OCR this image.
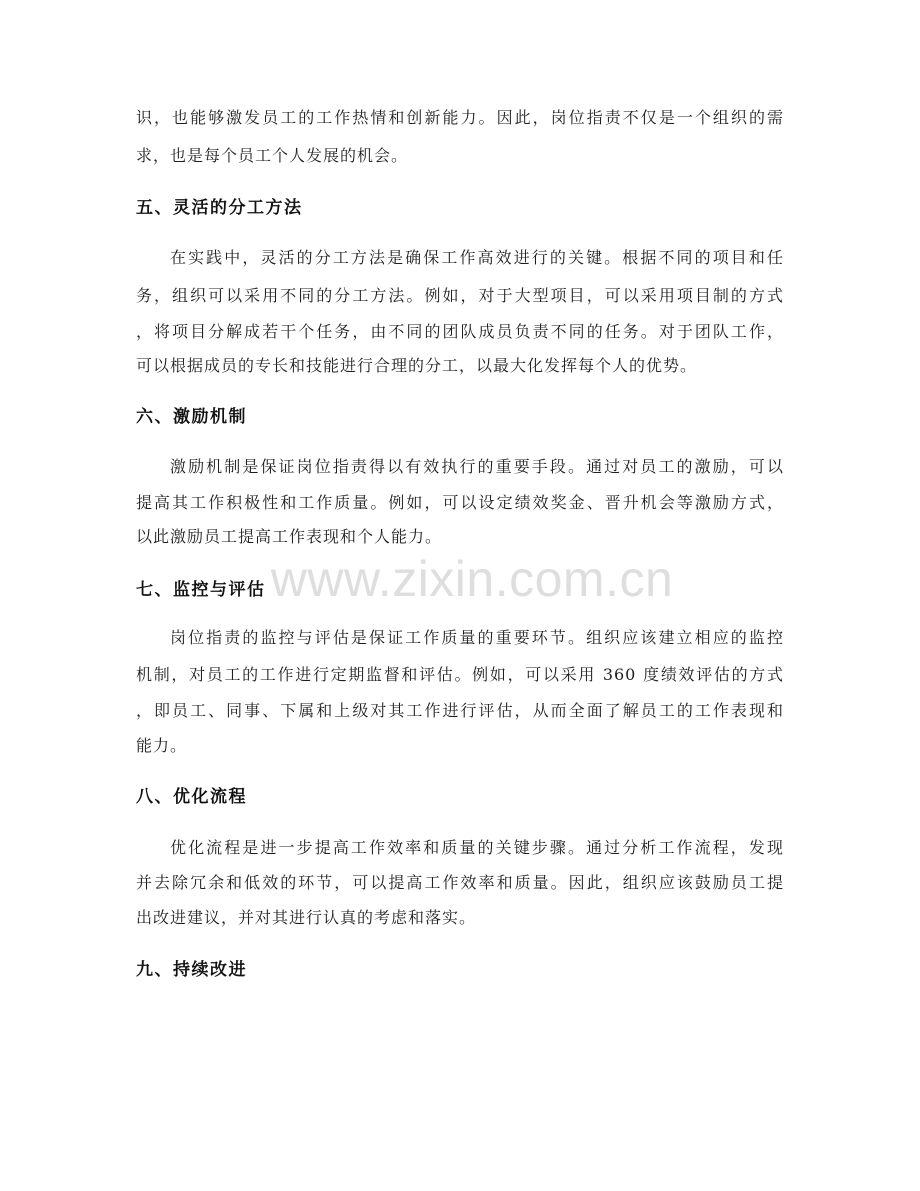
www.zixin.com.cn
识，也能够激发员工的工作热情和创新能力。因此，岗位指责不仅是一个组织的需
求，也是每个员工个人发展的机会。
五、灵活的分工方法
在实践中，灵活的分工方法是确保工作高效进行的关键。根据不同的项目和任
务，组织可以采用不同的分工方法。例如，对于大型项目，可以采用项目制的方式
，将项目分解成若干个任务，由不同的团队成员负责不同的任务。对于团队工作，
可以根据成员的专长和技能进行合理的分工，以最大化发挥每个人的优势。
六、激励机制
激励机制是保证岗位指责得以有效执行的重要手段。通过对员工的激励，可以
提高其工作积极性和工作质量。例如，可以设定绩效奖金、晋升机会等激励方式，
以此激励员工提高工作表现和个人能力。
七、监控与评估
岗位指责的监控与评估是保证工作质量的重要环节。组织应该建立相应的监控
机制，对员工的工作进行定期监督和评估。例如，可以采用 360 度绩效评估的方式
，即员工、同事、下属和上级对其工作进行评估，从而全面了解员工的工作表现和
能力。
八、优化流程
优化流程是进一步提高工作效率和质量的关键步骤。通过分析工作流程，发现
并去除冗余和低效的环节，可以提高工作效率和质量。因此，组织应该鼓励员工提
出改进建议，并对其进行认真的考虑和落实。
九、持续改进
